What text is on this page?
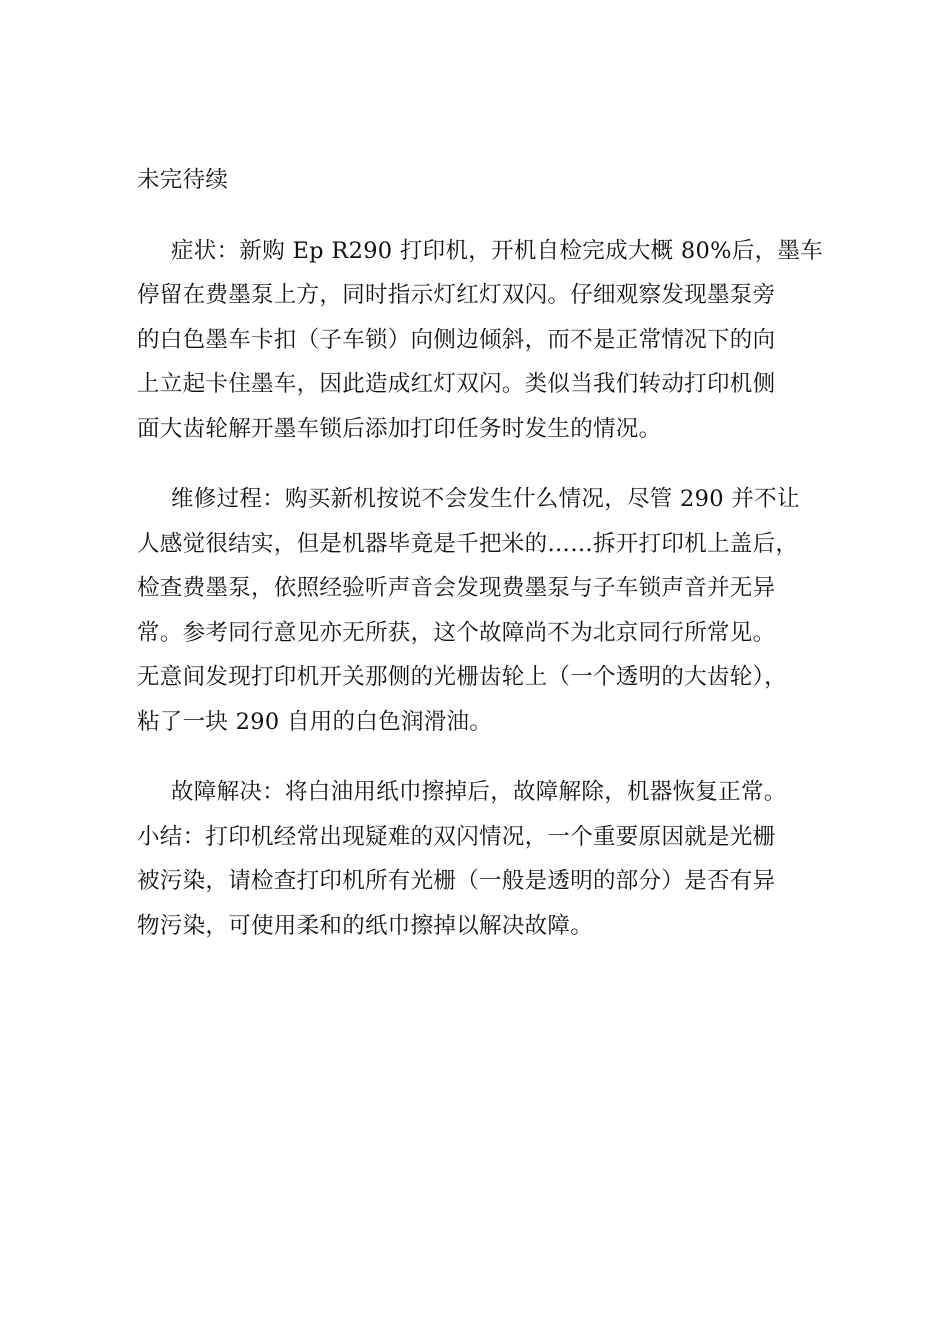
未完待续
症状：新购 Ep R290 打印机，开机自检完成大概 80%后，墨车
停留在费墨泵上方，同时指示灯红灯双闪。仔细观察发现墨泵旁
的白色墨车卡扣（子车锁）向侧边倾斜，而不是正常情况下的向
上立起卡住墨车，因此造成红灯双闪。类似当我们转动打印机侧
面大齿轮解开墨车锁后添加打印任务时发生的情况。
维修过程：购买新机按说不会发生什么情况，尽管 290 并不让
人感觉很结实，但是机器毕竟是千把米的……拆开打印机上盖后，
检查费墨泵，依照经验听声音会发现费墨泵与子车锁声音并无异
常。参考同行意见亦无所获，这个故障尚不为北京同行所常见。
无意间发现打印机开关那侧的光栅齿轮上（一个透明的大齿轮），
粘了一块 290 自用的白色润滑油。
故障解决：将白油用纸巾擦掉后，故障解除，机器恢复正常。
小结：打印机经常出现疑难的双闪情况，一个重要原因就是光栅
被污染，请检查打印机所有光栅（一般是透明的部分）是否有异
物污染，可使用柔和的纸巾擦掉以解决故障。
